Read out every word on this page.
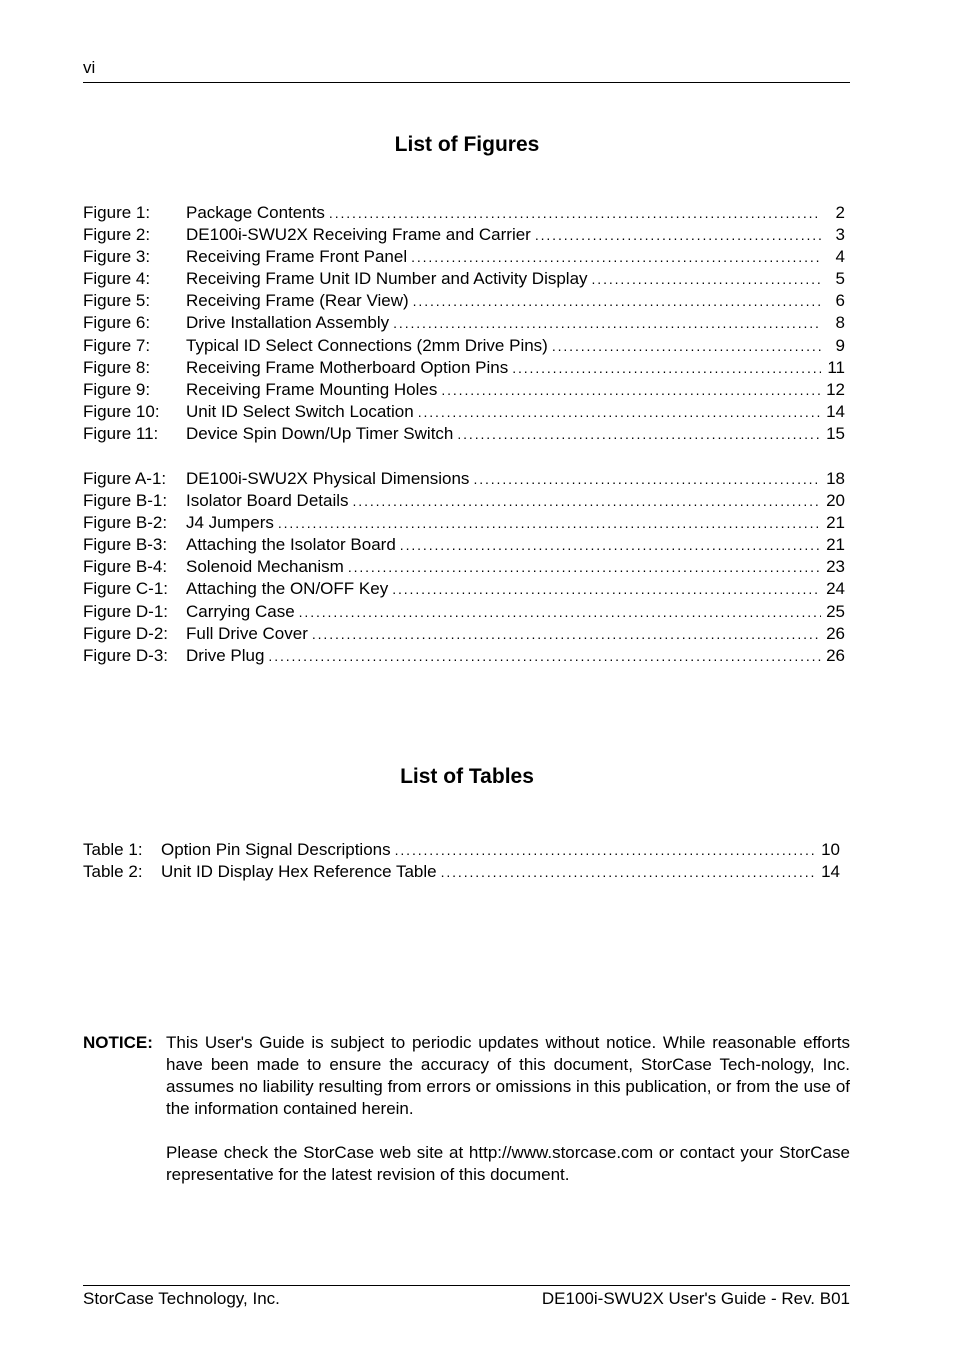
vi
List of Figures
Figure 1:	Package Contents . . .	2
Figure 2:	DE100i-SWU2X Receiving Frame and Carrier . . .	3
Figure 3:	Receiving Frame Front Panel . . .	4
Figure 4:	Receiving Frame Unit ID Number and Activity Display . . .	5
Figure 5:	Receiving Frame (Rear View) . . .	6
Figure 6:	Drive Installation Assembly . . .	8
Figure 7:	Typical ID Select Connections (2mm Drive Pins) . . .	9
Figure 8:	Receiving Frame Motherboard Option Pins . . .	11
Figure 9:	Receiving Frame Mounting Holes . . .	12
Figure 10:	Unit ID Select Switch Location . . .	14
Figure 11:	Device Spin Down/Up Timer Switch . . .	15
Figure A-1:	DE100i-SWU2X Physical Dimensions . . .	18
Figure B-1:	Isolator Board Details . . .	20
Figure B-2:	J4 Jumpers . . .	21
Figure B-3:	Attaching the Isolator Board . . .	21
Figure B-4:	Solenoid Mechanism . . .	23
Figure C-1:	Attaching the ON/OFF Key . . .	24
Figure D-1:	Carrying Case . . .	25
Figure D-2:	Full Drive Cover . . .	26
Figure D-3:	Drive Plug . . .	26
List of Tables
Table 1:	Option Pin Signal Descriptions . . .	10
Table 2:	Unit ID Display Hex Reference Table . . .	14
NOTICE: This User's Guide is subject to periodic updates without notice. While reasonable efforts have been made to ensure the accuracy of this document, StorCase Tech-nology, Inc. assumes no liability resulting from errors or omissions in this publication, or from the use of the information contained herein.

Please check the StorCase web site at http://www.storcase.com or contact your StorCase representative for the latest revision of this document.

StorCase Technology, Inc.	DE100i-SWU2X User's Guide - Rev. B01
